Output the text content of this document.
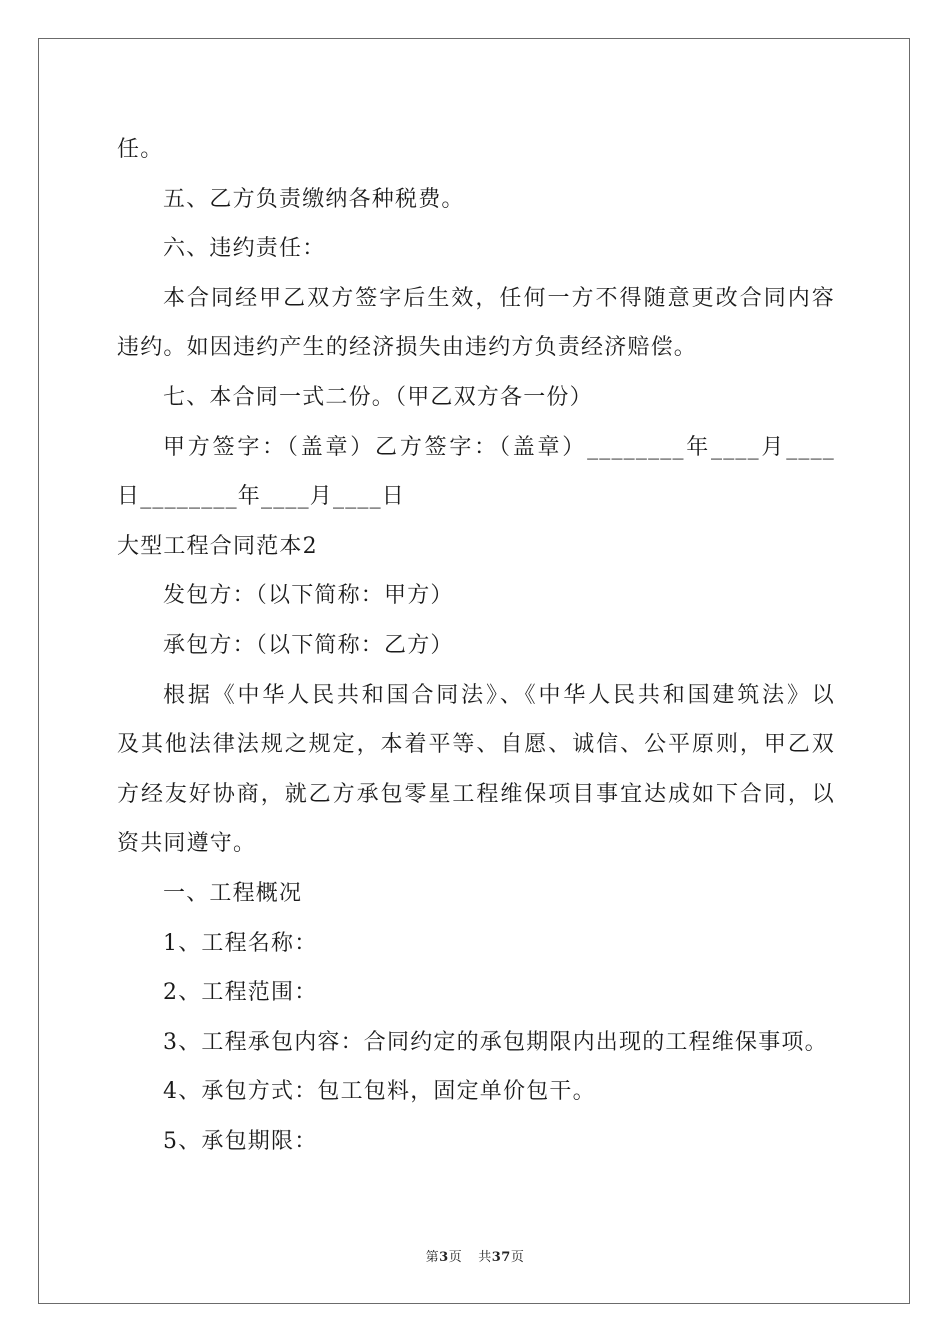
任。
五、乙方负责缴纳各种税费。
六、违约责任：
本合同经甲乙双方签字后生效，任何一方不得随意更改合同内容
违约。如因违约产生的经济损失由违约方负责经济赔偿。
七、本合同一式二份。（甲乙双方各一份）
甲方签字：（盖章）乙方签字：（盖章）________年____月____
日________年____月____日
大型工程合同范本2
发包方：（以下简称：甲方）
承包方：（以下简称：乙方）
根据《中华人民共和国合同法》、《中华人民共和国建筑法》以
及其他法律法规之规定，本着平等、自愿、诚信、公平原则，甲乙双
方经友好协商，就乙方承包零星工程维保项目事宜达成如下合同，以
资共同遵守。
一、工程概况
1、工程名称：
2、工程范围：
3、工程承包内容：合同约定的承包期限内出现的工程维保事项。
4、承包方式：包工包料，固定单价包干。
5、承包期限：
第3页 共37页
